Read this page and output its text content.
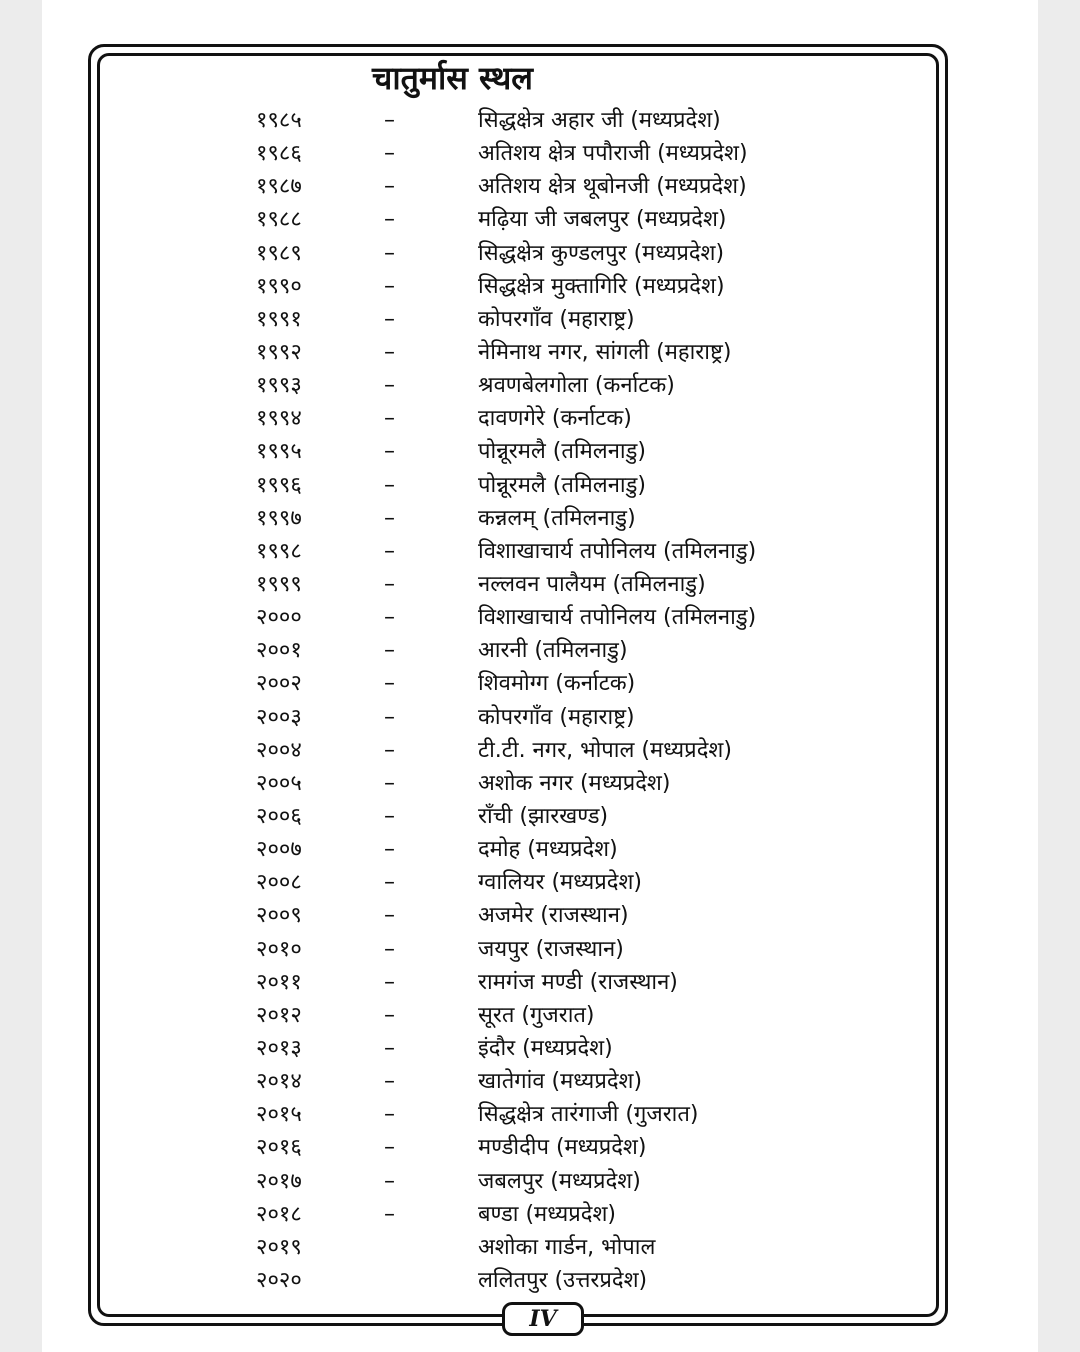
चातुर्मास स्थल
१९८५	–	सिद्धक्षेत्र अहार जी (मध्यप्रदेश)
१९८६	–	अतिशय क्षेत्र पपौराजी (मध्यप्रदेश)
१९८७	–	अतिशय क्षेत्र थूबोनजी (मध्यप्रदेश)
१९८८	–	मढ़िया जी जबलपुर (मध्यप्रदेश)
१९८९	–	सिद्धक्षेत्र कुण्डलपुर (मध्यप्रदेश)
१९९०	–	सिद्धक्षेत्र मुक्तागिरि (मध्यप्रदेश)
१९९१	–	कोपरगाँव (महाराष्ट्र)
१९९२	–	नेमिनाथ नगर, सांगली (महाराष्ट्र)
१९९३	–	श्रवणबेलगोला (कर्नाटक)
१९९४	–	दावणगेरे (कर्नाटक)
१९९५	–	पोन्नूरमलै (तमिलनाडु)
१९९६	–	पोन्नूरमलै (तमिलनाडु)
१९९७	–	कन्नलम् (तमिलनाडु)
१९९८	–	विशाखाचार्य तपोनिलय (तमिलनाडु)
१९९९	–	नल्लवन पालैयम (तमिलनाडु)
२०००	–	विशाखाचार्य तपोनिलय (तमिलनाडु)
२००१	–	आरनी (तमिलनाडु)
२००२	–	शिवमोग्ग (कर्नाटक)
२००३	–	कोपरगाँव (महाराष्ट्र)
२००४	–	टी.टी. नगर, भोपाल (मध्यप्रदेश)
२००५	–	अशोक नगर (मध्यप्रदेश)
२००६	–	राँची (झारखण्ड)
२००७	–	दमोह (मध्यप्रदेश)
२००८	–	ग्वालियर (मध्यप्रदेश)
२००९	–	अजमेर (राजस्थान)
२०१०	–	जयपुर (राजस्थान)
२०११	–	रामगंज मण्डी (राजस्थान)
२०१२	–	सूरत (गुजरात)
२०१३	–	इंदौर (मध्यप्रदेश)
२०१४	–	खातेगांव (मध्यप्रदेश)
२०१५	–	सिद्धक्षेत्र तारंगाजी (गुजरात)
२०१६	–	मण्डीदीप (मध्यप्रदेश)
२०१७	–	जबलपुर (मध्यप्रदेश)
२०१८	–	बण्डा (मध्यप्रदेश)
२०१९	अशोका गार्डन, भोपाल
२०२०	ललितपुर (उत्तरप्रदेश)
IV
